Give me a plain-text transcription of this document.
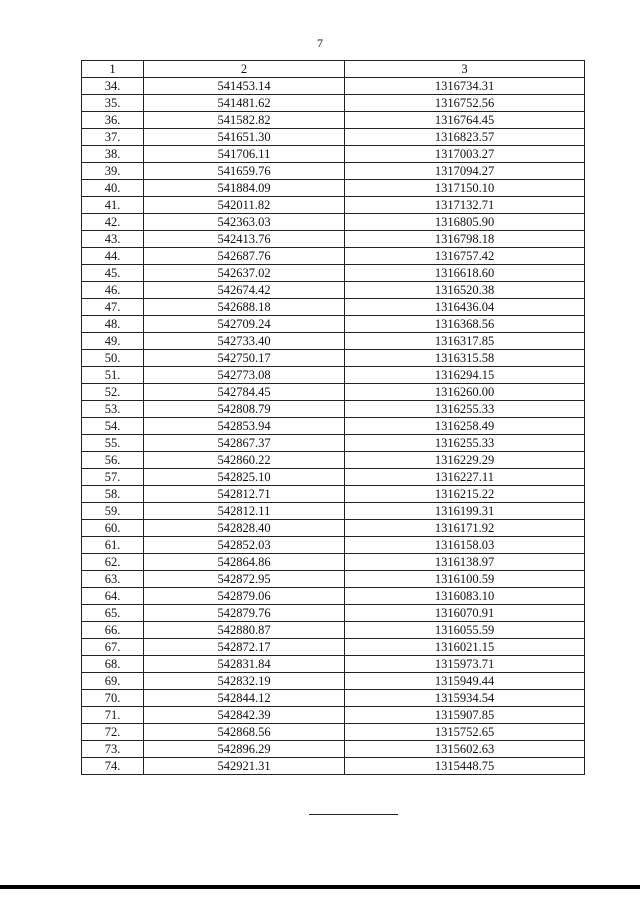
7
1	2	3
34.	541453.14	1316734.31
35.	541481.62	1316752.56
36.	541582.82	1316764.45
37.	541651.30	1316823.57
38.	541706.11	1317003.27
39.	541659.76	1317094.27
40.	541884.09	1317150.10
41.	542011.82	1317132.71
42.	542363.03	1316805.90
43.	542413.76	1316798.18
44.	542687.76	1316757.42
45.	542637.02	1316618.60
46.	542674.42	1316520.38
47.	542688.18	1316436.04
48.	542709.24	1316368.56
49.	542733.40	1316317.85
50.	542750.17	1316315.58
51.	542773.08	1316294.15
52.	542784.45	1316260.00
53.	542808.79	1316255.33
54.	542853.94	1316258.49
55.	542867.37	1316255.33
56.	542860.22	1316229.29
57.	542825.10	1316227.11
58.	542812.71	1316215.22
59.	542812.11	1316199.31
60.	542828.40	1316171.92
61.	542852.03	1316158.03
62.	542864.86	1316138.97
63.	542872.95	1316100.59
64.	542879.06	1316083.10
65.	542879.76	1316070.91
66.	542880.87	1316055.59
67.	542872.17	1316021.15
68.	542831.84	1315973.71
69.	542832.19	1315949.44
70.	542844.12	1315934.54
71.	542842.39	1315907.85
72.	542868.56	1315752.65
73.	542896.29	1315602.63
74.	542921.31	1315448.75
